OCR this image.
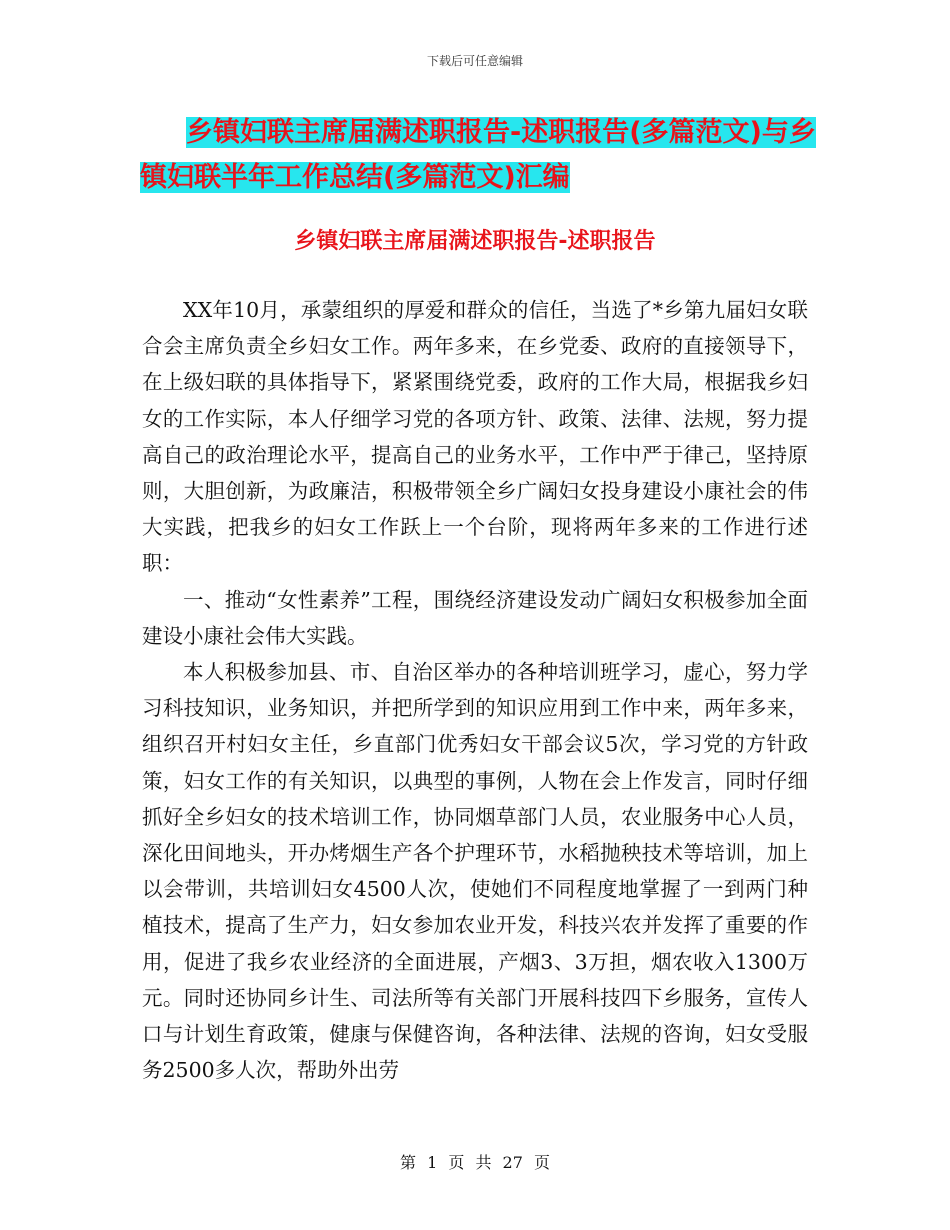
下载后可任意编辑
乡镇妇联主席届满述职报告-述职报告(多篇范文)与乡
镇妇联半年工作总结(多篇范文)汇编
乡镇妇联主席届满述职报告-述职报告

XX年10月，承蒙组织的厚爱和群众的信任，当选了*乡第九届妇女联合会主席负责全乡妇女工作。两年多来，在乡党委、政府的直接领导下，在上级妇联的具体指导下，紧紧围绕党委，政府的工作大局，根据我乡妇女的工作实际，本人仔细学习党的各项方针、政策、法律、法规，努力提高自己的政治理论水平，提高自己的业务水平，工作中严于律己，坚持原则，大胆创新，为政廉洁，积极带领全乡广阔妇女投身建设小康社会的伟大实践，把我乡的妇女工作跃上一个台阶，现将两年多来的工作进行述职：

一、推动“女性素养”工程，围绕经济建设发动广阔妇女积极参加全面建设小康社会伟大实践。

本人积极参加县、市、自治区举办的各种培训班学习，虚心，努力学习科技知识，业务知识，并把所学到的知识应用到工作中来，两年多来，组织召开村妇女主任，乡直部门优秀妇女干部会议5次，学习党的方针政策，妇女工作的有关知识，以典型的事例，人物在会上作发言，同时仔细抓好全乡妇女的技术培训工作，协同烟草部门人员，农业服务中心人员，深化田间地头，开办烤烟生产各个护理环节，水稻抛秧技术等培训，加上以会带训，共培训妇女4500人次，使她们不同程度地掌握了一到两门种植技术，提高了生产力，妇女参加农业开发，科技兴农并发挥了重要的作用，促进了我乡农业经济的全面进展，产烟3、3万担，烟农收入1300万元。同时还协同乡计生、司法所等有关部门开展科技四下乡服务，宣传人口与计划生育政策，健康与保健咨询，各种法律、法规的咨询，妇女受服务2500多人次，帮助外出劳

第 1 页 共 27 页
